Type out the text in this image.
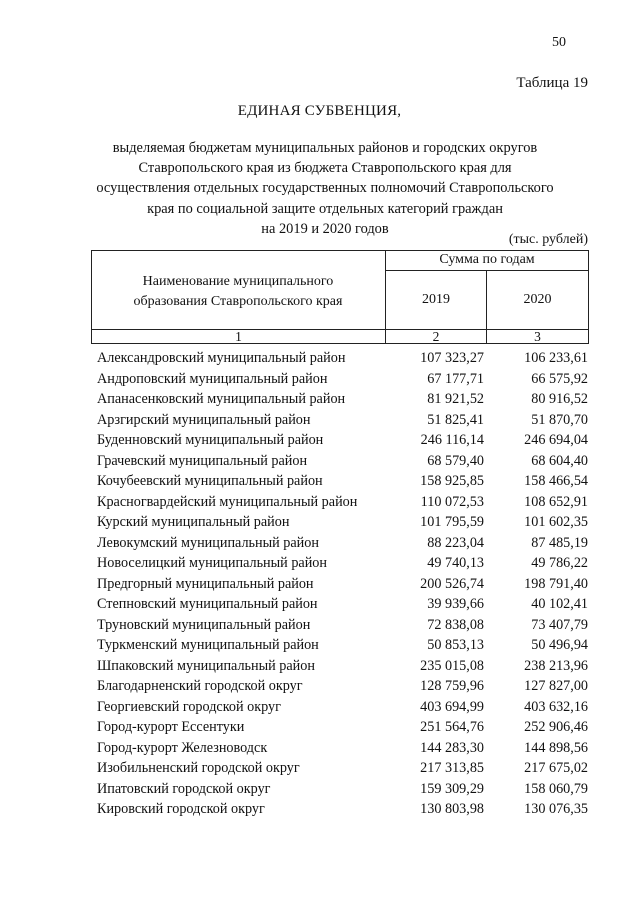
50
Таблица 19
ЕДИНАЯ СУБВЕНЦИЯ,
выделяемая бюджетам муниципальных районов и городских округов
Ставропольского края из бюджета Ставропольского края для
осуществления отдельных государственных полномочий Ставропольского
края по социальной защите отдельных категорий граждан
на 2019 и 2020 годов
(тыс. рублей)
Наименование муниципального образования Ставропольского края
Сумма по годам
2019	2020
1	2	3
Александровский муниципальный район	107 323,27	106 233,61
Андроповский муниципальный район	67 177,71	66 575,92
Апанасенковский муниципальный район	81 921,52	80 916,52
Арзгирский муниципальный район	51 825,41	51 870,70
Буденновский муниципальный район	246 116,14	246 694,04
Грачевский муниципальный район	68 579,40	68 604,40
Кочубеевский муниципальный район	158 925,85	158 466,54
Красногвардейский муниципальный район	110 072,53	108 652,91
Курский муниципальный район	101 795,59	101 602,35
Левокумский муниципальный район	88 223,04	87 485,19
Новоселицкий муниципальный район	49 740,13	49 786,22
Предгорный муниципальный район	200 526,74	198 791,40
Степновский муниципальный район	39 939,66	40 102,41
Труновский муниципальный район	72 838,08	73 407,79
Туркменский муниципальный район	50 853,13	50 496,94
Шпаковский муниципальный район	235 015,08	238 213,96
Благодарненский городской округ	128 759,96	127 827,00
Георгиевский городской округ	403 694,99	403 632,16
Город-курорт Ессентуки	251 564,76	252 906,46
Город-курорт Железноводск	144 283,30	144 898,56
Изобильненский городской округ	217 313,85	217 675,02
Ипатовский городской округ	159 309,29	158 060,79
Кировский городской округ	130 803,98	130 076,35
